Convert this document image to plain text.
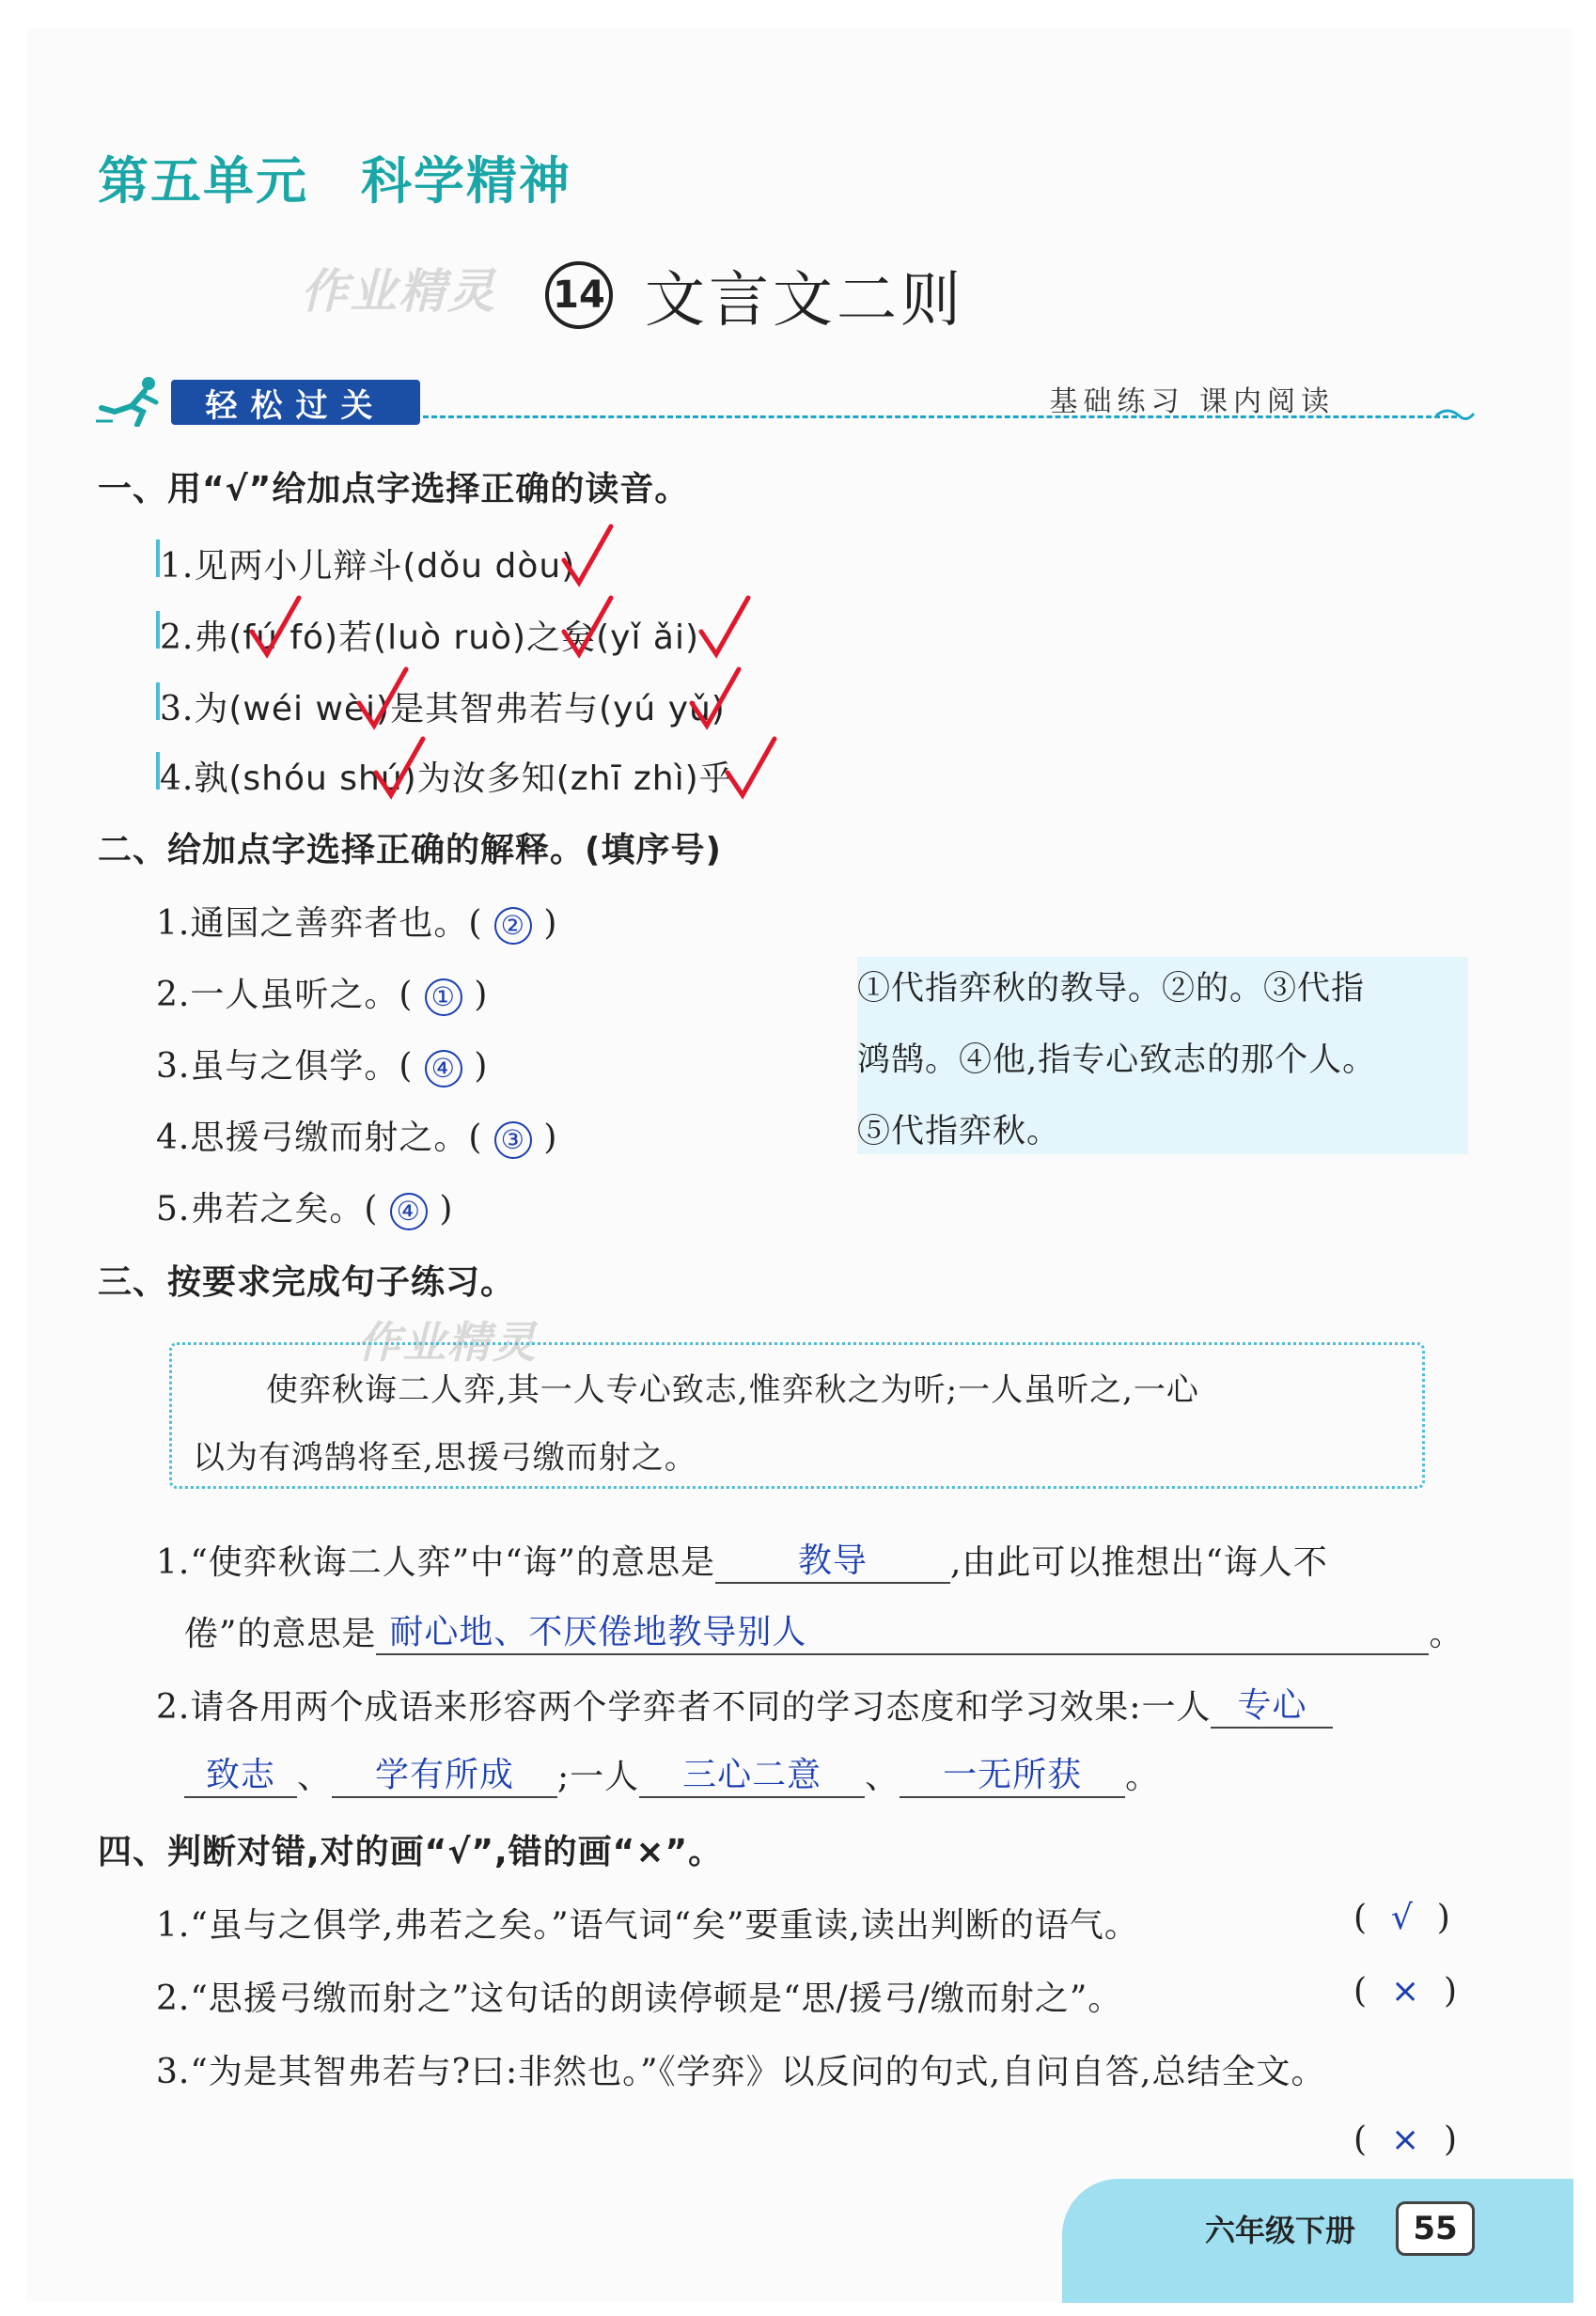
第五单元 科学精神
作业精灵 14 文言文二则
轻松过关	基础练习 课内阅读
一、用“√”给加点字选择正确的读音。
1.见两小儿辩斗(dǒu dòu)
2.弗(fú fó)若(luò ruò)之矣(yǐ ǎi)
3.为(wéi wèi)是其智弗若与(yú yǔ)
4.孰(shóu shú)为汝多知(zhī zhì)乎
二、给加点字选择正确的解释。(填序号)
1.通国之善弈者也。( ② )
2.一人虽听之。( ① )
3.虽与之俱学。( ④ )
4.思援弓缴而射之。( ③ )
5.弗若之矣。( ④ )
①代指弈秋的教导。②的。③代指
鸿鹄。④他,指专心致志的那个人。
⑤代指弈秋。
三、按要求完成句子练习。
作业精灵
使弈秋诲二人弈,其一人专心致志,惟弈秋之为听;一人虽听之,一心
以为有鸿鹄将至,思援弓缴而射之。
1.“使弈秋诲二人弈”中“诲”的意思是 教导 ,由此可以推想出“诲人不
倦”的意思是 耐心地、不厌倦地教导别人	。
2.请各用两个成语来形容两个学弈者不同的学习态度和学习效果:一人 专心
致志 、 学有所成 ;一人 三心二意 、 一无所获 。
四、判断对错,对的画“√”,错的画“×”。
1.“虽与之俱学,弗若之矣。”语气词“矣”要重读,读出判断的语气。	(  √  )
2.“思援弓缴而射之”这句话的朗读停顿是“思/援弓/缴而射之”。	(  ×  )
3.“为是其智弗若与?曰:非然也。”《学弈》以反问的句式,自问自答,总结全文。
(  ×  )
六年级下册	55
